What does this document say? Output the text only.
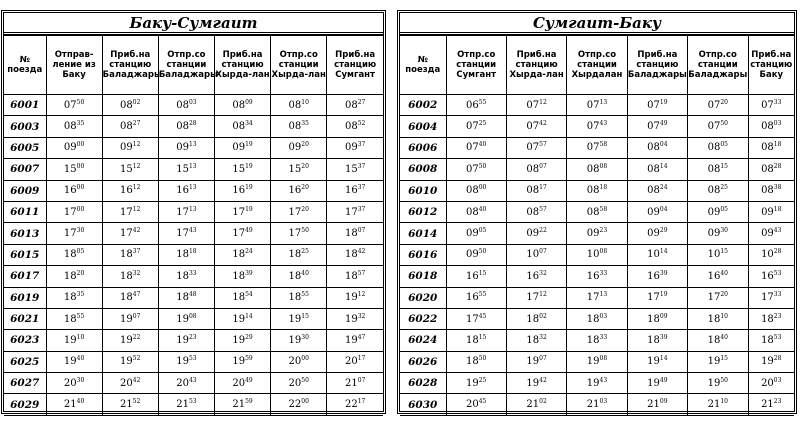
Баку-Сумгаит
№ поезда	Отправ-ление из Баку	Приб.на станцию Баладжары	Отпр.со станции Баладжары	Приб.на станцию Хырда-лан	Отпр.со станции Хырда-лан	Приб.на станцию Сумгант
6001	$07^{50}$	$08^{02}$	$08^{03}$	$08^{09}$	$08^{10}$	$08^{27}$
6003	$08^{35}$	$08^{27}$	$08^{28}$	$08^{34}$	$08^{35}$	$08^{52}$
6005	$09^{00}$	$09^{12}$	$09^{13}$	$09^{19}$	$09^{20}$	$09^{37}$
6007	$15^{00}$	$15^{12}$	$15^{13}$	$15^{19}$	$15^{20}$	$15^{37}$
6009	$16^{00}$	$16^{12}$	$16^{13}$	$16^{19}$	$16^{20}$	$16^{37}$
6011	$17^{00}$	$17^{12}$	$17^{13}$	$17^{19}$	$17^{20}$	$17^{37}$
6013	$17^{30}$	$17^{42}$	$17^{43}$	$17^{49}$	$17^{50}$	$18^{07}$
6015	$18^{05}$	$18^{37}$	$18^{18}$	$18^{24}$	$18^{25}$	$18^{42}$
6017	$18^{20}$	$18^{32}$	$18^{33}$	$18^{39}$	$18^{40}$	$18^{57}$
6019	$18^{35}$	$18^{47}$	$18^{48}$	$18^{54}$	$18^{55}$	$19^{12}$
6021	$18^{55}$	$19^{07}$	$19^{08}$	$19^{14}$	$19^{15}$	$19^{32}$
6023	$19^{10}$	$19^{22}$	$19^{23}$	$19^{29}$	$19^{30}$	$19^{47}$
6025	$19^{40}$	$19^{52}$	$19^{53}$	$19^{59}$	$20^{00}$	$20^{17}$
6027	$20^{30}$	$20^{42}$	$20^{43}$	$20^{49}$	$20^{50}$	$21^{07}$
6029	$21^{40}$	$21^{52}$	$21^{53}$	$21^{59}$	$22^{00}$	$22^{17}$
Сумгаит-Баку
№ поезда	Отпр.со станции Сумгант	Приб.на станцию Хырда-лан	Отпр.со станции Хырдалан	Приб.на станцию Баладжары	Отпр.со станции Баладжары	Приб.на станцию Баку
6002	$06^{55}$	$07^{12}$	$07^{13}$	$07^{19}$	$07^{20}$	$07^{33}$
6004	$07^{25}$	$07^{42}$	$07^{43}$	$07^{49}$	$07^{50}$	$08^{03}$
6006	$07^{40}$	$07^{57}$	$07^{58}$	$08^{04}$	$08^{05}$	$08^{18}$
6008	$07^{50}$	$08^{07}$	$08^{08}$	$08^{14}$	$08^{15}$	$08^{28}$
6010	$08^{00}$	$08^{17}$	$08^{18}$	$08^{24}$	$08^{25}$	$08^{38}$
6012	$08^{40}$	$08^{57}$	$08^{58}$	$09^{04}$	$09^{05}$	$09^{18}$
6014	$09^{05}$	$09^{22}$	$09^{23}$	$09^{29}$	$09^{30}$	$09^{43}$
6016	$09^{50}$	$10^{07}$	$10^{08}$	$10^{14}$	$10^{15}$	$10^{28}$
6018	$16^{15}$	$16^{32}$	$16^{33}$	$16^{39}$	$16^{40}$	$16^{53}$
6020	$16^{55}$	$17^{12}$	$17^{13}$	$17^{19}$	$17^{20}$	$17^{33}$
6022	$17^{45}$	$18^{02}$	$18^{03}$	$18^{09}$	$18^{10}$	$18^{23}$
6024	$18^{15}$	$18^{32}$	$18^{33}$	$18^{39}$	$18^{40}$	$18^{53}$
6026	$18^{50}$	$19^{07}$	$19^{08}$	$19^{14}$	$19^{15}$	$19^{28}$
6028	$19^{25}$	$19^{42}$	$19^{43}$	$19^{49}$	$19^{50}$	$20^{03}$
6030	$20^{45}$	$21^{02}$	$21^{03}$	$21^{09}$	$21^{10}$	$21^{23}$
